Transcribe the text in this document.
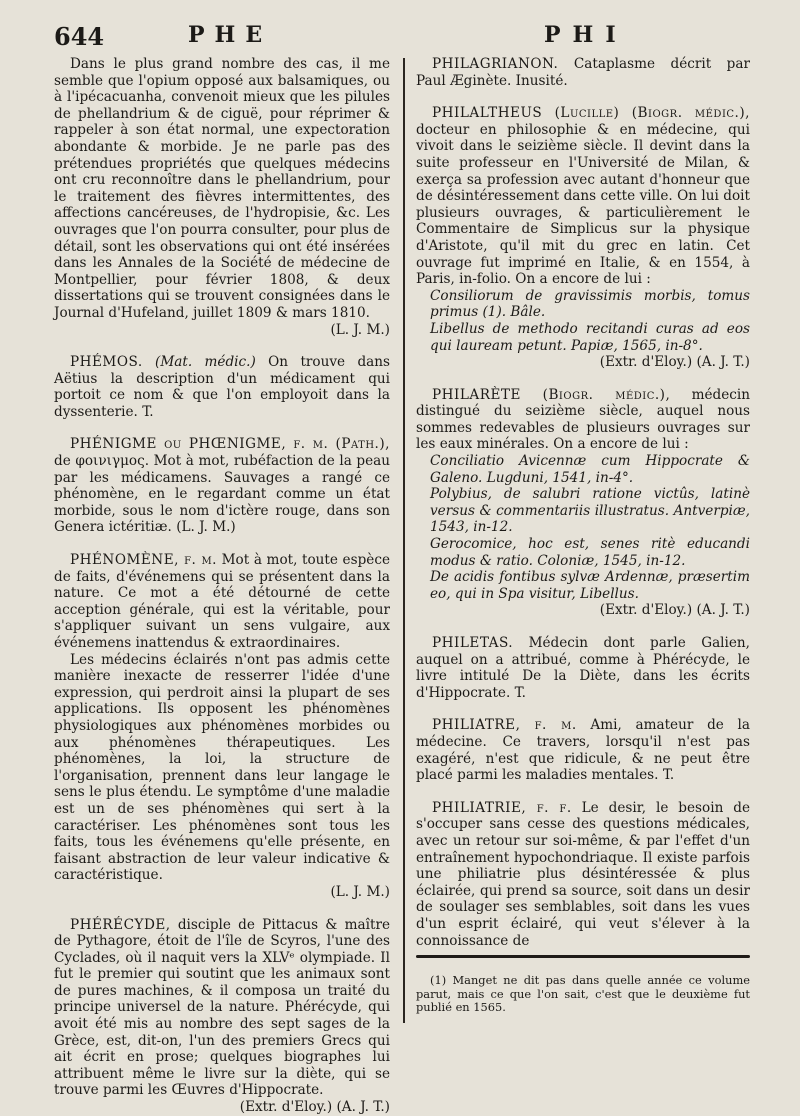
644	PHE	PHI

Dans le plus grand nombre des cas, il me semble que l'opium opposé aux balsamiques, ou à l'ipécacuanha, convenoit mieux que les pilules de phellandrium & de ciguë, pour réprimer & rappeler à son état normal, une expectoration abondante & morbide. Je ne parle pas des prétendues propriétés que quelques médecins ont cru reconnoître dans le phellandrium, pour le traitement des fièvres intermittentes, des affections cancéreuses, de l'hydropisie, &c. Les ouvrages que l'on pourra consulter, pour plus de détail, sont les observations qui ont été insérées dans les Annales de la Société de médecine de Montpellier, pour février 1808, & deux dissertations qui se trouvent consignées dans le Journal d'Hufeland, juillet 1809 & mars 1810.

(L. J. M.)

PHÉMOS. (Mat. médic.) On trouve dans Aëtius la description d'un médicament qui portoit ce nom & que l'on employoit dans la dyssenterie. T.

PHÉNIGME ou PHŒNIGME, f. m. (Path.), de φοινιγμος. Mot à mot, rubéfaction de la peau par les médicamens. Sauvages a rangé ce phénomène, en le regardant comme un état morbide, sous le nom d'ictère rouge, dans son Genera ictéritiæ. (L. J. M.)

PHÉNOMÈNE, f. m. Mot à mot, toute espèce de faits, d'événemens qui se présentent dans la nature. Ce mot a été détourné de cette acception générale, qui est la véritable, pour s'appliquer suivant un sens vulgaire, aux événemens inattendus & extraordinaires.

Les médecins éclairés n'ont pas admis cette manière inexacte de resserrer l'idée d'une expression, qui perdroit ainsi la plupart de ses applications. Ils opposent les phénomènes physiologiques aux phénomènes morbides ou aux phénomènes thérapeutiques. Les phénomènes, la loi, la structure de l'organisation, prennent dans leur langage le sens le plus étendu. Le symptôme d'une maladie est un de ses phénomènes qui sert à la caractériser. Les phénomènes sont tous les faits, tous les événemens qu'elle présente, en faisant abstraction de leur valeur indicative & caractéristique.

(L. J. M.)

PHÉRÉCYDE, disciple de Pittacus & maître de Pythagore, étoit de l'île de Scyros, l'une des Cyclades, où il naquit vers la XLVᵉ olympiade. Il fut le premier qui soutint que les animaux sont de pures machines, & il composa un traité du principe universel de la nature. Phérécyde, qui avoit été mis au nombre des sept sages de la Grèce, est, dit-on, l'un des premiers Grecs qui ait écrit en prose; quelques biographes lui attribuent même le livre sur la diète, qui se trouve parmi les Œuvres d'Hippocrate.

(Extr. d'Eloy.) (A. J. T.)

PHILAGRIANON. Cataplasme décrit par Paul Æginète. Inusité.

PHILALTHEUS (Lucille) (Biogr. médic.), docteur en philosophie & en médecine, qui vivoit dans le seizième siècle. Il devint dans la suite professeur en l'Université de Milan, & exerça sa profession avec autant d'honneur que de désintéressement dans cette ville. On lui doit plusieurs ouvrages, & particulièrement le Commentaire de Simplicus sur la physique d'Aristote, qu'il mit du grec en latin. Cet ouvrage fut imprimé en Italie, & en 1554, à Paris, in-folio. On a encore de lui :

Consiliorum de gravissimis morbis, tomus primus (1). Bâle.

Libellus de methodo recitandi curas ad eos qui lauream petunt. Papiæ, 1565, in-8°.

(Extr. d'Eloy.) (A. J. T.)

PHILARÈTE (Biogr. médic.), médecin distingué du seizième siècle, auquel nous sommes redevables de plusieurs ouvrages sur les eaux minérales. On a encore de lui :

Conciliatio Avicennæ cum Hippocrate & Galeno. Lugduni, 1541, in-4°.

Polybius, de salubri ratione victûs, latinè versus & commentariis illustratus. Antverpiæ, 1543, in-12.

Gerocomice, hoc est, senes ritè educandi modus & ratio. Coloniæ, 1545, in-12.

De acidis fontibus sylvæ Ardennæ, præsertim eo, qui in Spa visitur, Libellus.

(Extr. d'Eloy.) (A. J. T.)

PHILETAS. Médecin dont parle Galien, auquel on a attribué, comme à Phérécyde, le livre intitulé De la Diète, dans les écrits d'Hippocrate. T.

PHILIATRE, f. m. Ami, amateur de la médecine. Ce travers, lorsqu'il n'est pas exagéré, n'est que ridicule, & ne peut être placé parmi les maladies mentales. T.

PHILIATRIE, f. f. Le desir, le besoin de s'occuper sans cesse des questions médicales, avec un retour sur soi-même, & par l'effet d'un entraînement hypochondriaque. Il existe parfois une philiatrie plus désintéressée & plus éclairée, qui prend sa source, soit dans un desir de soulager ses semblables, soit dans les vues d'un esprit éclairé, qui veut s'élever à la connoissance de

(1) Manget ne dit pas dans quelle année ce volume parut, mais ce que l'on sait, c'est que le deuxième fut publié en 1565.
